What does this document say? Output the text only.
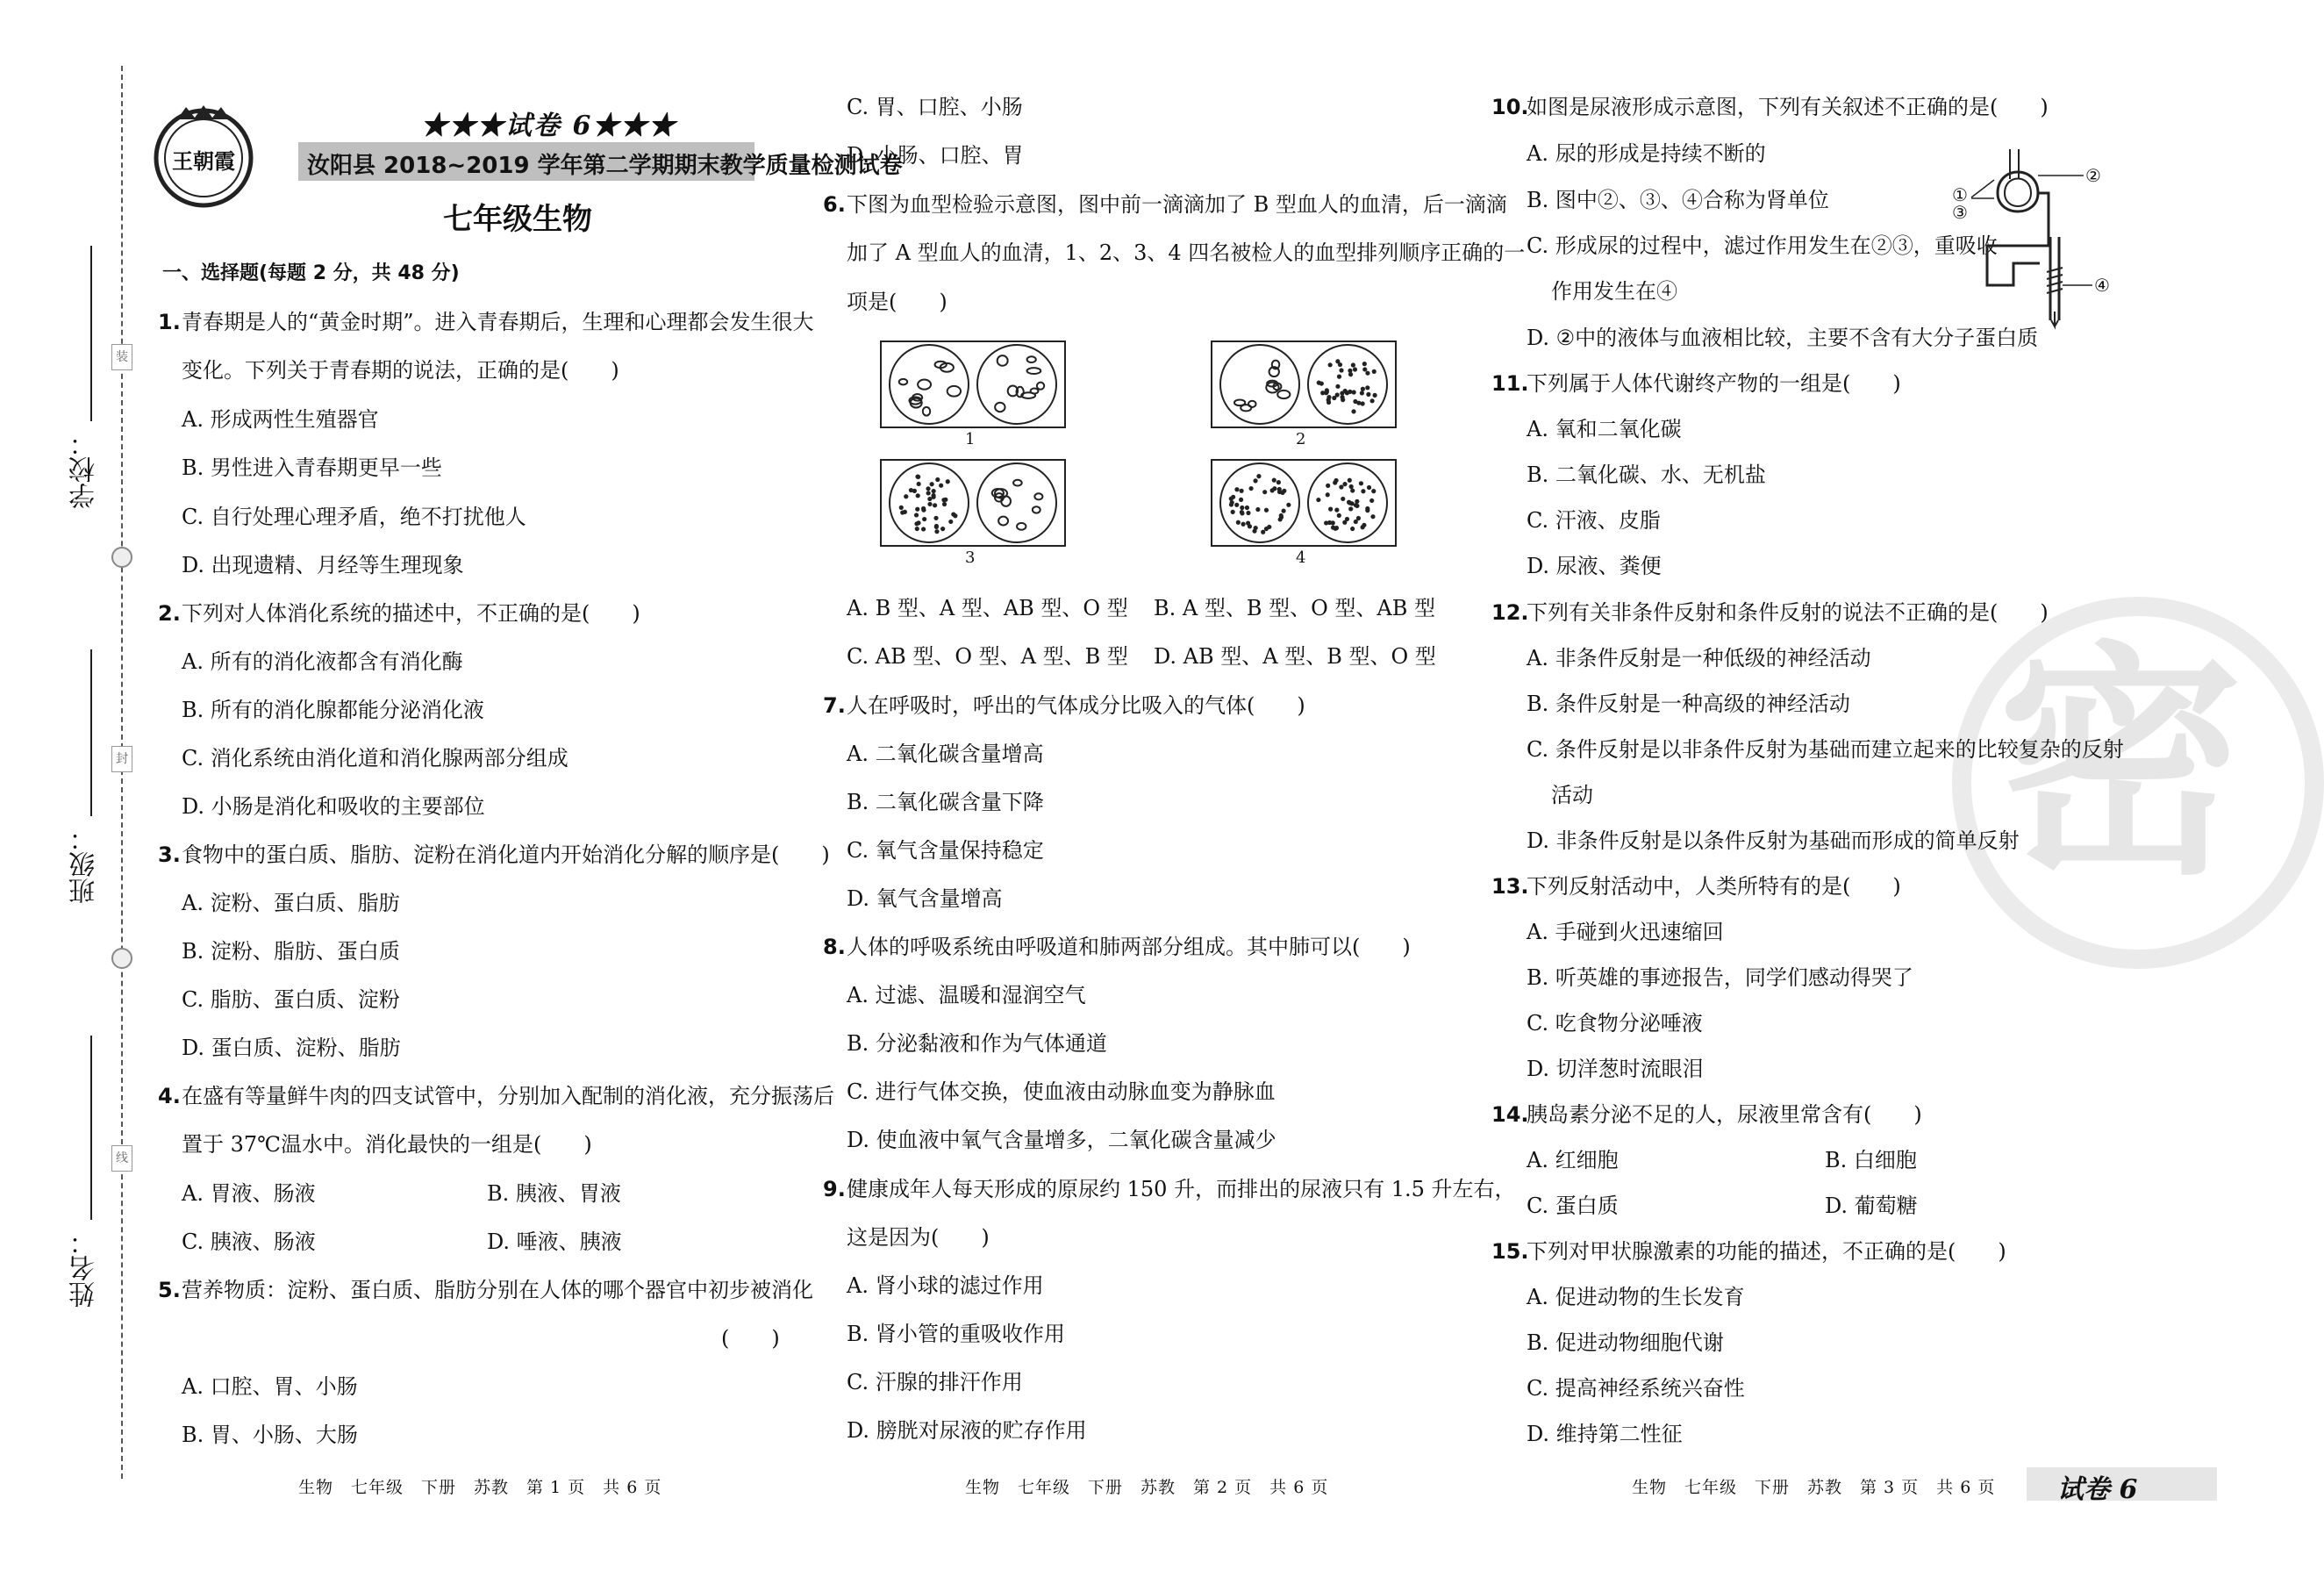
装
封
线
学校：
班级：
姓名：
王朝霞
★★★试卷 6★★★
汝阳县 2018~2019 学年第二学期期末教学质量检测试卷
七年级生物
一、选择题(每题 2 分，共 48 分)
1. 青春期是人的“黄金时期”。进入青春期后，生理和心理都会发生很大
变化。下列关于青春期的说法，正确的是(　　)
A. 形成两性生殖器官
B. 男性进入青春期更早一些
C. 自行处理心理矛盾，绝不打扰他人
D. 出现遗精、月经等生理现象
2. 下列对人体消化系统的描述中，不正确的是(　　)
A. 所有的消化液都含有消化酶
B. 所有的消化腺都能分泌消化液
C. 消化系统由消化道和消化腺两部分组成
D. 小肠是消化和吸收的主要部位
3. 食物中的蛋白质、脂肪、淀粉在消化道内开始消化分解的顺序是(　　)
A. 淀粉、蛋白质、脂肪
B. 淀粉、脂肪、蛋白质
C. 脂肪、蛋白质、淀粉
D. 蛋白质、淀粉、脂肪
4. 在盛有等量鲜牛肉的四支试管中，分别加入配制的消化液，充分振荡后
置于 37℃温水中。消化最快的一组是(　　)
A. 胃液、肠液	B. 胰液、胃液
C. 胰液、肠液	D. 唾液、胰液
5. 营养物质：淀粉、蛋白质、脂肪分别在人体的哪个器官中初步被消化
(　　)
A. 口腔、胃、小肠
B. 胃、小肠、大肠
生物　七年级　下册　苏教　第 1 页　共 6 页
C. 胃、口腔、小肠
D. 小肠、口腔、胃
6. 下图为血型检验示意图，图中前一滴滴加了 B 型血人的血清，后一滴滴
加了 A 型血人的血清，1、2、3、4 四名被检人的血型排列顺序正确的一
项是(　　)
1	2
3	4
A. B 型、A 型、AB 型、O 型 B. A 型、B 型、O 型、AB 型
C. AB 型、O 型、A 型、B 型 D. AB 型、A 型、B 型、O 型
7. 人在呼吸时，呼出的气体成分比吸入的气体(　　)
A. 二氧化碳含量增高
B. 二氧化碳含量下降
C. 氧气含量保持稳定
D. 氧气含量增高
8. 人体的呼吸系统由呼吸道和肺两部分组成。其中肺可以(　　)
A. 过滤、温暖和湿润空气
B. 分泌黏液和作为气体通道
C. 进行气体交换，使血液由动脉血变为静脉血
D. 使血液中氧气含量增多，二氧化碳含量减少
9. 健康成年人每天形成的原尿约 150 升，而排出的尿液只有 1.5 升左右，
这是因为(　　)
A. 肾小球的滤过作用
B. 肾小管的重吸收作用
C. 汗腺的排汗作用
D. 膀胱对尿液的贮存作用
生物　七年级　下册　苏教　第 2 页　共 6 页
密
10.
如图是尿液形成示意图，下列有关叙述不正确的是(　　)
A. 尿的形成是持续不断的
B. 图中②、③、④合称为肾单位
C. 形成尿的过程中，滤过作用发生在②③，重吸收
作用发生在④
D. ②中的液体与血液相比较，主要不含有大分子蛋白质
①
②
③
④
11.
下列属于人体代谢终产物的一组是(　　)
A. 氧和二氧化碳
B. 二氧化碳、水、无机盐
C. 汗液、皮脂
D. 尿液、粪便
12.
下列有关非条件反射和条件反射的说法不正确的是(　　)
A. 非条件反射是一种低级的神经活动
B. 条件反射是一种高级的神经活动
C. 条件反射是以非条件反射为基础而建立起来的比较复杂的反射
活动
D. 非条件反射是以条件反射为基础而形成的简单反射
13.
下列反射活动中，人类所特有的是(　　)
A. 手碰到火迅速缩回
B. 听英雄的事迹报告，同学们感动得哭了
C. 吃食物分泌唾液
D. 切洋葱时流眼泪
14.
胰岛素分泌不足的人，尿液里常含有(　　)
A. 红细胞	B. 白细胞
C. 蛋白质	D. 葡萄糖
15.
下列对甲状腺激素的功能的描述，不正确的是(　　)
A. 促进动物的生长发育
B. 促进动物细胞代谢
C. 提高神经系统兴奋性
D. 维持第二性征
生物　七年级　下册　苏教　第 3 页　共 6 页 试卷 6
